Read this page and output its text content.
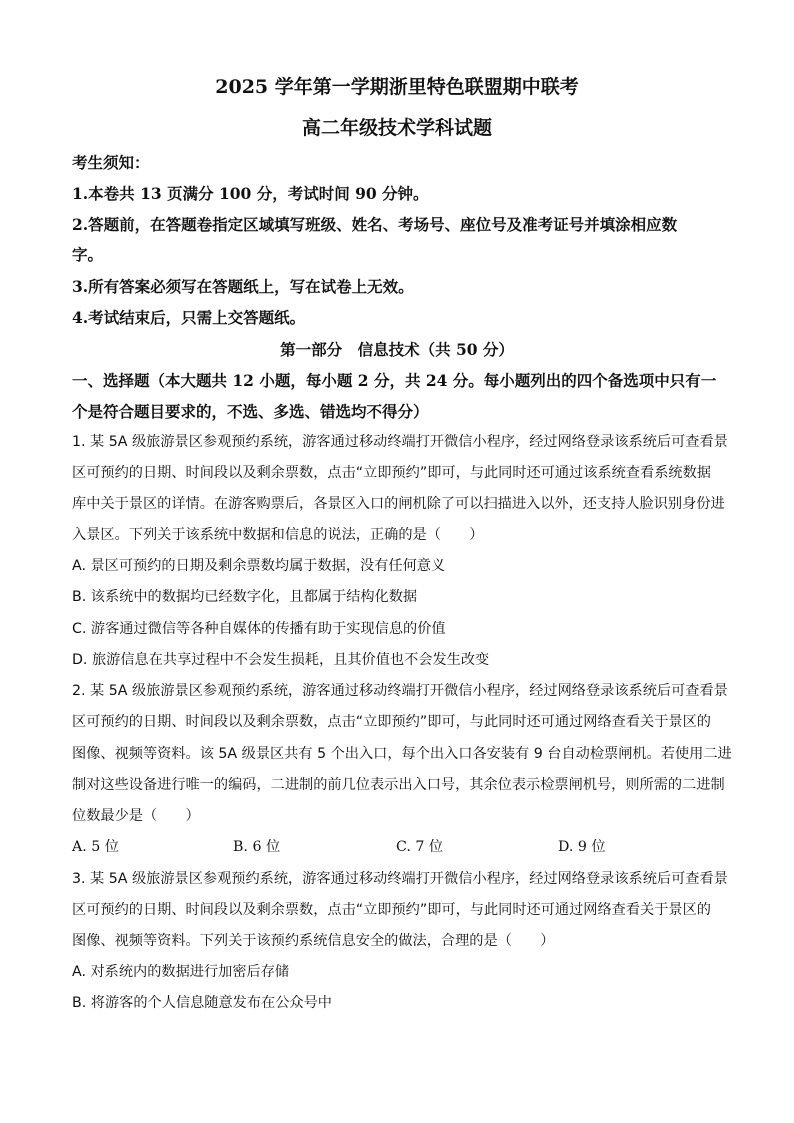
2025 学年第一学期浙里特色联盟期中联考
高二年级技术学科试题
考生须知：
1.本卷共 13 页满分 100 分，考试时间 90 分钟。
2.答题前，在答题卷指定区域填写班级、姓名、考场号、座位号及准考证号并填涂相应数
字。
3.所有答案必须写在答题纸上，写在试卷上无效。
4.考试结束后，只需上交答题纸。
第一部分　信息技术（共 50 分）
一、选择题（本大题共 12 小题，每小题 2 分，共 24 分。每小题列出的四个备选项中只有一
个是符合题目要求的，不选、多选、错选均不得分）
1. 某 5A 级旅游景区参观预约系统，游客通过移动终端打开微信小程序，经过网络登录该系统后可查看景
区可预约的日期、时间段以及剩余票数，点击“立即预约”即可，与此同时还可通过该系统查看系统数据
库中关于景区的详情。在游客购票后，各景区入口的闸机除了可以扫描进入以外，还支持人脸识别身份进
入景区。下列关于该系统中数据和信息的说法，正确的是（　　）
A. 景区可预约的日期及剩余票数均属于数据，没有任何意义
B. 该系统中的数据均已经数字化，且都属于结构化数据
C. 游客通过微信等各种自媒体的传播有助于实现信息的价值
D. 旅游信息在共享过程中不会发生损耗，且其价值也不会发生改变
2. 某 5A 级旅游景区参观预约系统，游客通过移动终端打开微信小程序，经过网络登录该系统后可查看景
区可预约的日期、时间段以及剩余票数，点击“立即预约”即可，与此同时还可通过网络查看关于景区的
图像、视频等资料。该 5A 级景区共有 5 个出入口，每个出入口各安装有 9 台自动检票闸机。若使用二进
制对这些设备进行唯一的编码，二进制的前几位表示出入口号，其余位表示检票闸机号，则所需的二进制
位数最少是（　　）
A. 5 位	B. 6 位	C. 7 位	D. 9 位
3. 某 5A 级旅游景区参观预约系统，游客通过移动终端打开微信小程序，经过网络登录该系统后可查看景
区可预约的日期、时间段以及剩余票数，点击“立即预约”即可，与此同时还可通过网络查看关于景区的
图像、视频等资料。下列关于该预约系统信息安全的做法，合理的是（　　）
A. 对系统内的数据进行加密后存储
B. 将游客的个人信息随意发布在公众号中
